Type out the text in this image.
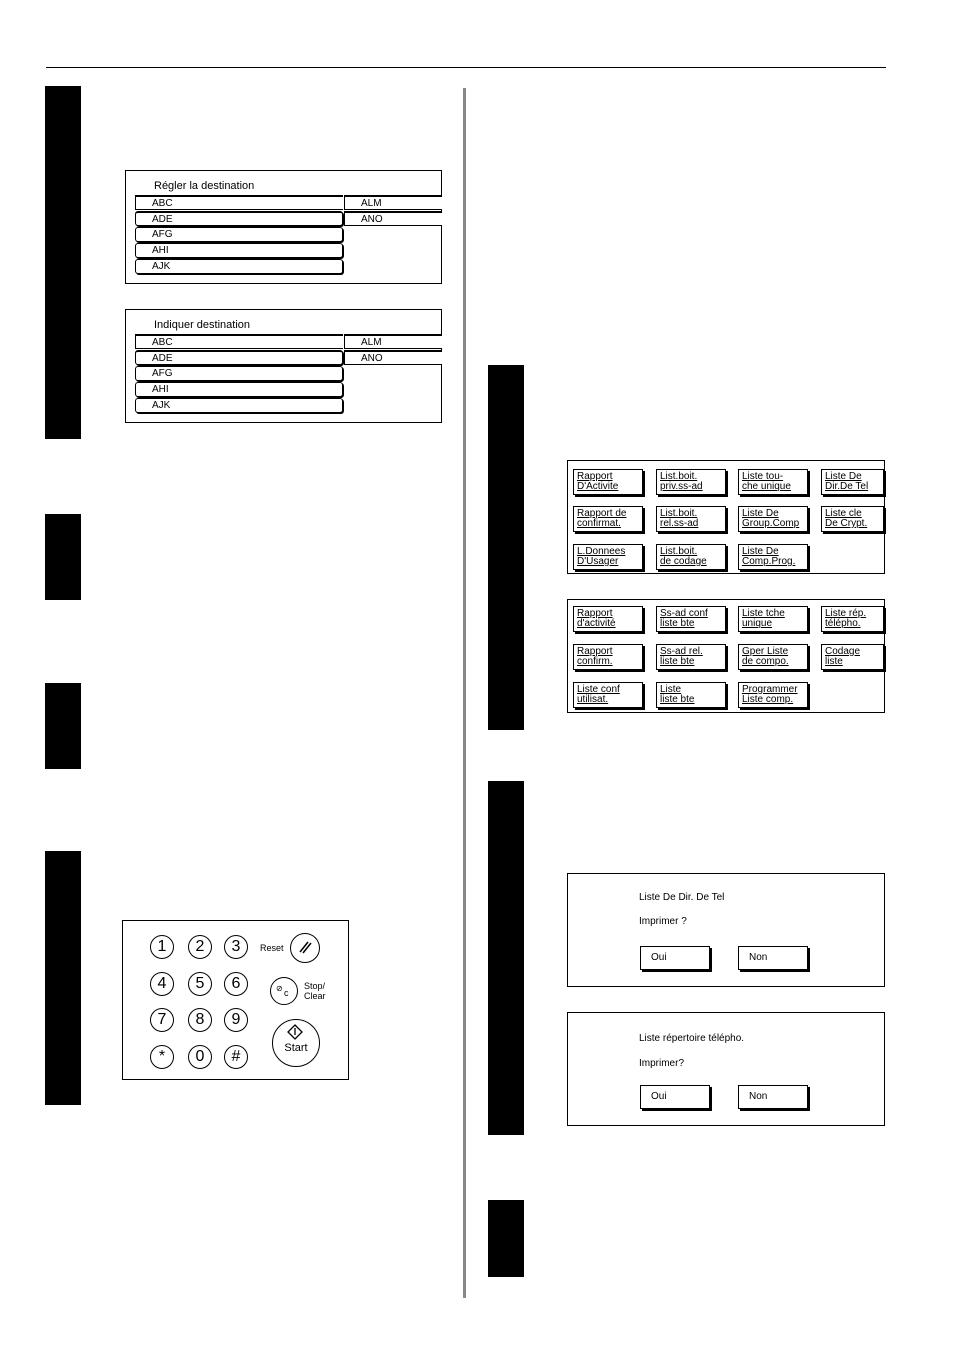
Régler la destination
ABC
ADE
AFG
AHI
AJK
ALM
ANO
Indiquer destination
ABC
ADE
AFG
AHI
AJK
ALM
ANO
Rapport
D'Activite
List.boit.
priv.ss-ad
Liste tou-
che unique
Liste De
Dir.De Tel
Rapport de
confirmat.
List.boit.
rel.ss-ad
Liste De
Group.Comp
Liste cle
De Crypt.
L.Donnees
D'Usager
List.boit.
de codage
Liste De
Comp.Prog.
Rapport
d'activité
Ss-ad conf
liste bte
Liste tche
unique
Liste rép.
télépho.
Rapport
confirm.
Ss-ad rel.
liste bte
Gper Liste
de compo.
Codage
liste
Liste conf
utilisat.
Liste
liste bte
Programmer
Liste comp.
Liste De Dir. De Tel
Imprimer ?
Oui	Non
Liste répertoire télépho.
Imprimer?
Oui	Non
1	2	3
4	5	6
7	8	9
*	0	#
Reset
⊘ c
Stop/
Clear
Start
